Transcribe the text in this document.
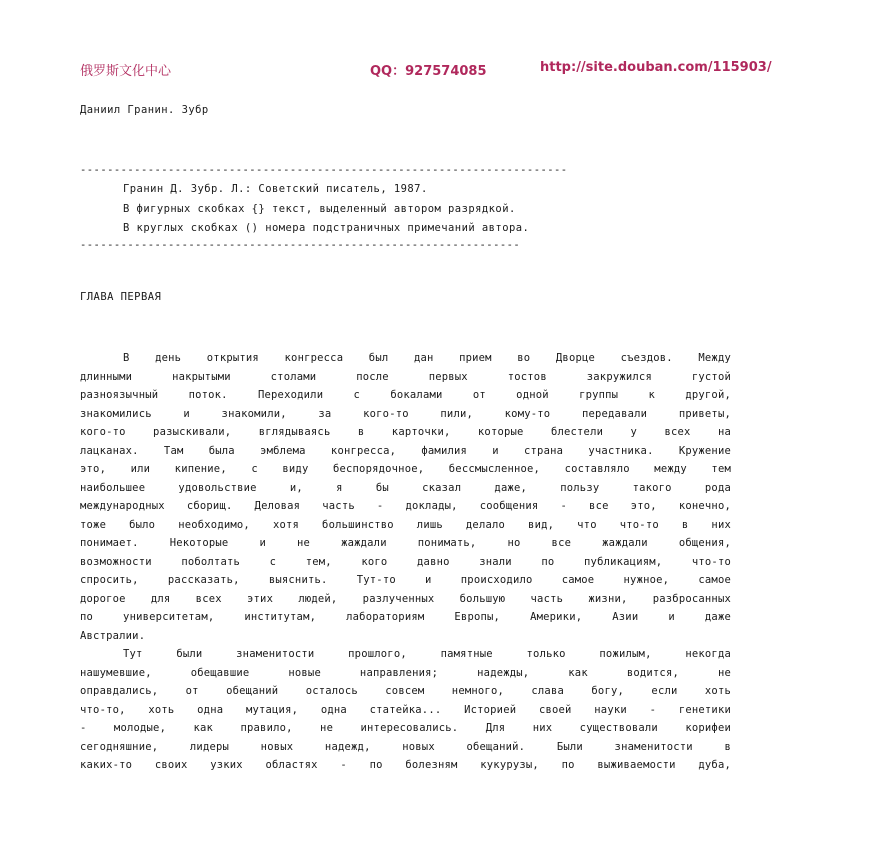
俄罗斯文化中心	QQ：927574085	http://site.douban.com/115903/
Даниил Гранин. Зубр
------------------------------------------------------------------------
Гранин Д. Зубр. Л.: Советский писатель, 1987.
В фигурных скобках {} текст, выделенный автором разрядкой.
В круглых скобках () номера подстраничных примечаний автора.
-----------------------------------------------------------------
ГЛАВА ПЕРВАЯ
В день открытия конгресса был дан прием во Дворце съездов. Между
длинными накрытыми столами после первых тостов закружился густой
разноязычный поток. Переходили с бокалами от одной группы к другой,
знакомились и знакомили, за кого-то пили, кому-то передавали приветы,
кого-то разыскивали, вглядываясь в карточки, которые блестели у всех на
лацканах. Там была эмблема конгресса, фамилия и страна участника. Кружение
это, или кипение, с виду беспорядочное, бессмысленное, составляло между тем
наибольшее удовольствие и, я бы сказал даже, пользу такого рода
международных сборищ. Деловая часть - доклады, сообщения - все это, конечно,
тоже было необходимо, хотя большинство лишь делало вид, что что-то в них
понимает. Некоторые и не жаждали понимать, но все жаждали общения,
возможности поболтать с тем, кого давно знали по публикациям, что-то
спросить, рассказать, выяснить. Тут-то и происходило самое нужное, самое
дорогое для всех этих людей, разлученных большую часть жизни, разбросанных
по университетам, институтам, лабораториям Европы, Америки, Азии и даже
Австралии.
Тут были знаменитости прошлого, памятные только пожилым, некогда
нашумевшие, обещавшие новые направления; надежды, как водится, не
оправдались, от обещаний осталось совсем немного, слава богу, если хоть
что-то, хоть одна мутация, одна статейка... Историей своей науки - генетики
- молодые, как правило, не интересовались. Для них существовали корифеи
сегодняшние, лидеры новых надежд, новых обещаний. Были знаменитости в
каких-то своих узких областях - по болезням кукурузы, по выживаемости дуба,
